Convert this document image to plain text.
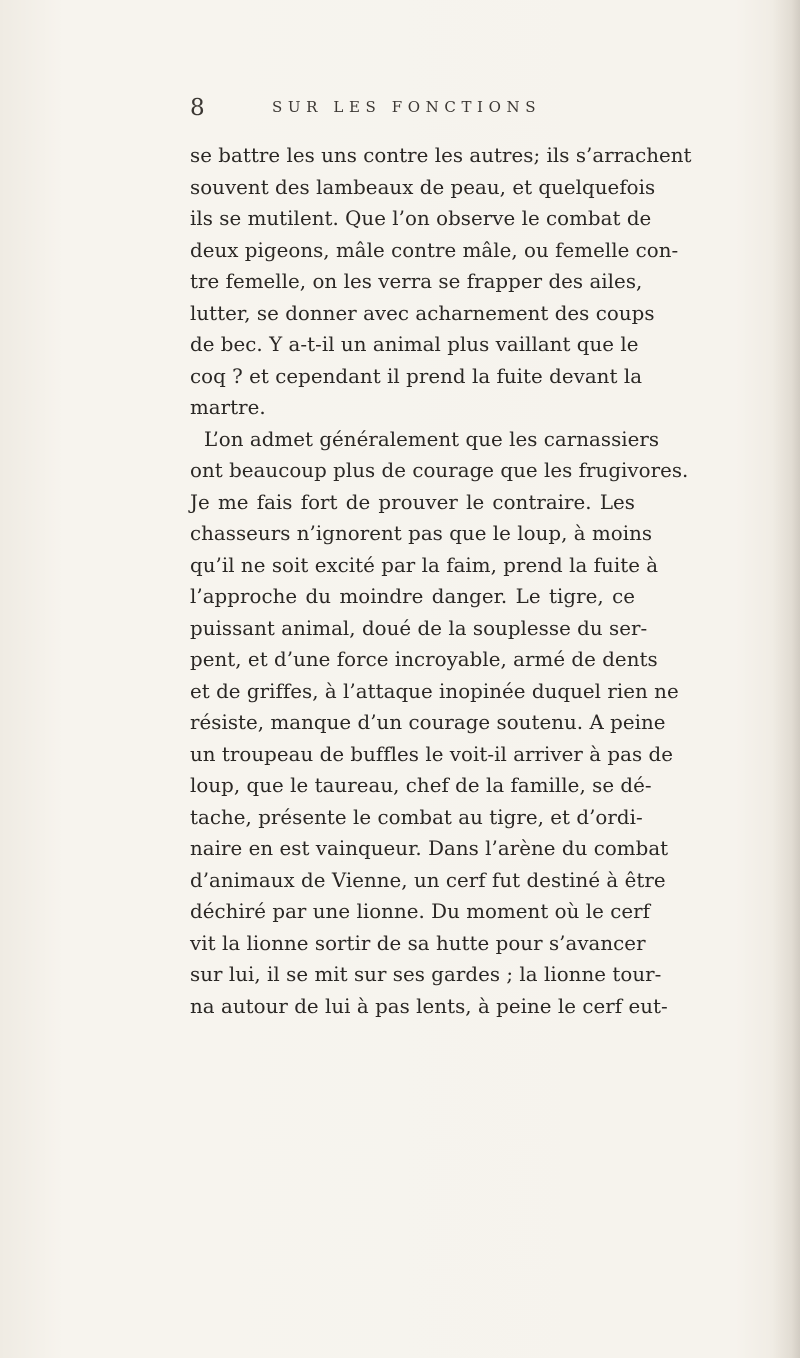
8	SUR LES FONCTIONS
se battre les uns contre les autres; ils s’arrachent
souvent des lambeaux de peau, et quelquefois
ils se mutilent. Que l’on observe le combat de
deux pigeons, mâle contre mâle, ou femelle con-
tre femelle, on les verra se frapper des ailes,
lutter, se donner avec acharnement des coups
de bec. Y a-t-il un animal plus vaillant que le
coq ? et cependant il prend la fuite devant la
martre.
L’on admet généralement que les carnassiers
ont beaucoup plus de courage que les frugivores.
Je me fais fort de prouver le contraire. Les
chasseurs n’ignorent pas que le loup, à moins
qu’il ne soit excité par la faim, prend la fuite à
l’approche du moindre danger. Le tigre, ce
puissant animal, doué de la souplesse du ser-
pent, et d’une force incroyable, armé de dents
et de griffes, à l’attaque inopinée duquel rien ne
résiste, manque d’un courage soutenu. A peine
un troupeau de buffles le voit-il arriver à pas de
loup, que le taureau, chef de la famille, se dé-
tache, présente le combat au tigre, et d’ordi-
naire en est vainqueur. Dans l’arène du combat
d’animaux de Vienne, un cerf fut destiné à être
déchiré par une lionne. Du moment où le cerf
vit la lionne sortir de sa hutte pour s’avancer
sur lui, il se mit sur ses gardes ; la lionne tour-
na autour de lui à pas lents, à peine le cerf eut-
